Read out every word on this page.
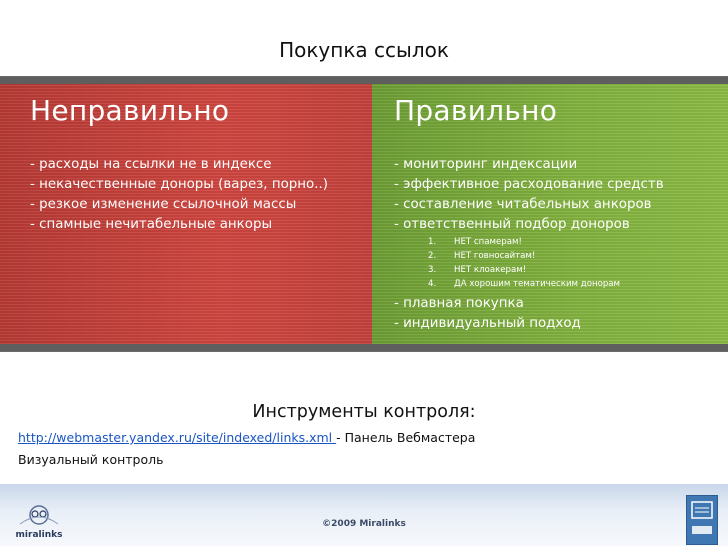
Покупка ссылок
Неправильно
- расходы на ссылки не в индексе
- некачественные доноры (варез, порно..)
- резкое изменение ссылочной массы
- спамные нечитабельные анкоры
Правильно
- мониторинг индексации
- эффективное расходование средств
- составление читабельных анкоров
- ответственный подбор доноров
1. НЕТ спамерам!
2. НЕТ говносайтам!
3. НЕТ клоакерам!
4. ДА хорошим тематическим донорам
- плавная покупка
- индивидуальный подход
Инструменты контроля:
http://webmaster.yandex.ru/site/indexed/links.xml - Панель Вебмастера
Визуальный контроль
miralinks
©2009 Miralinks
